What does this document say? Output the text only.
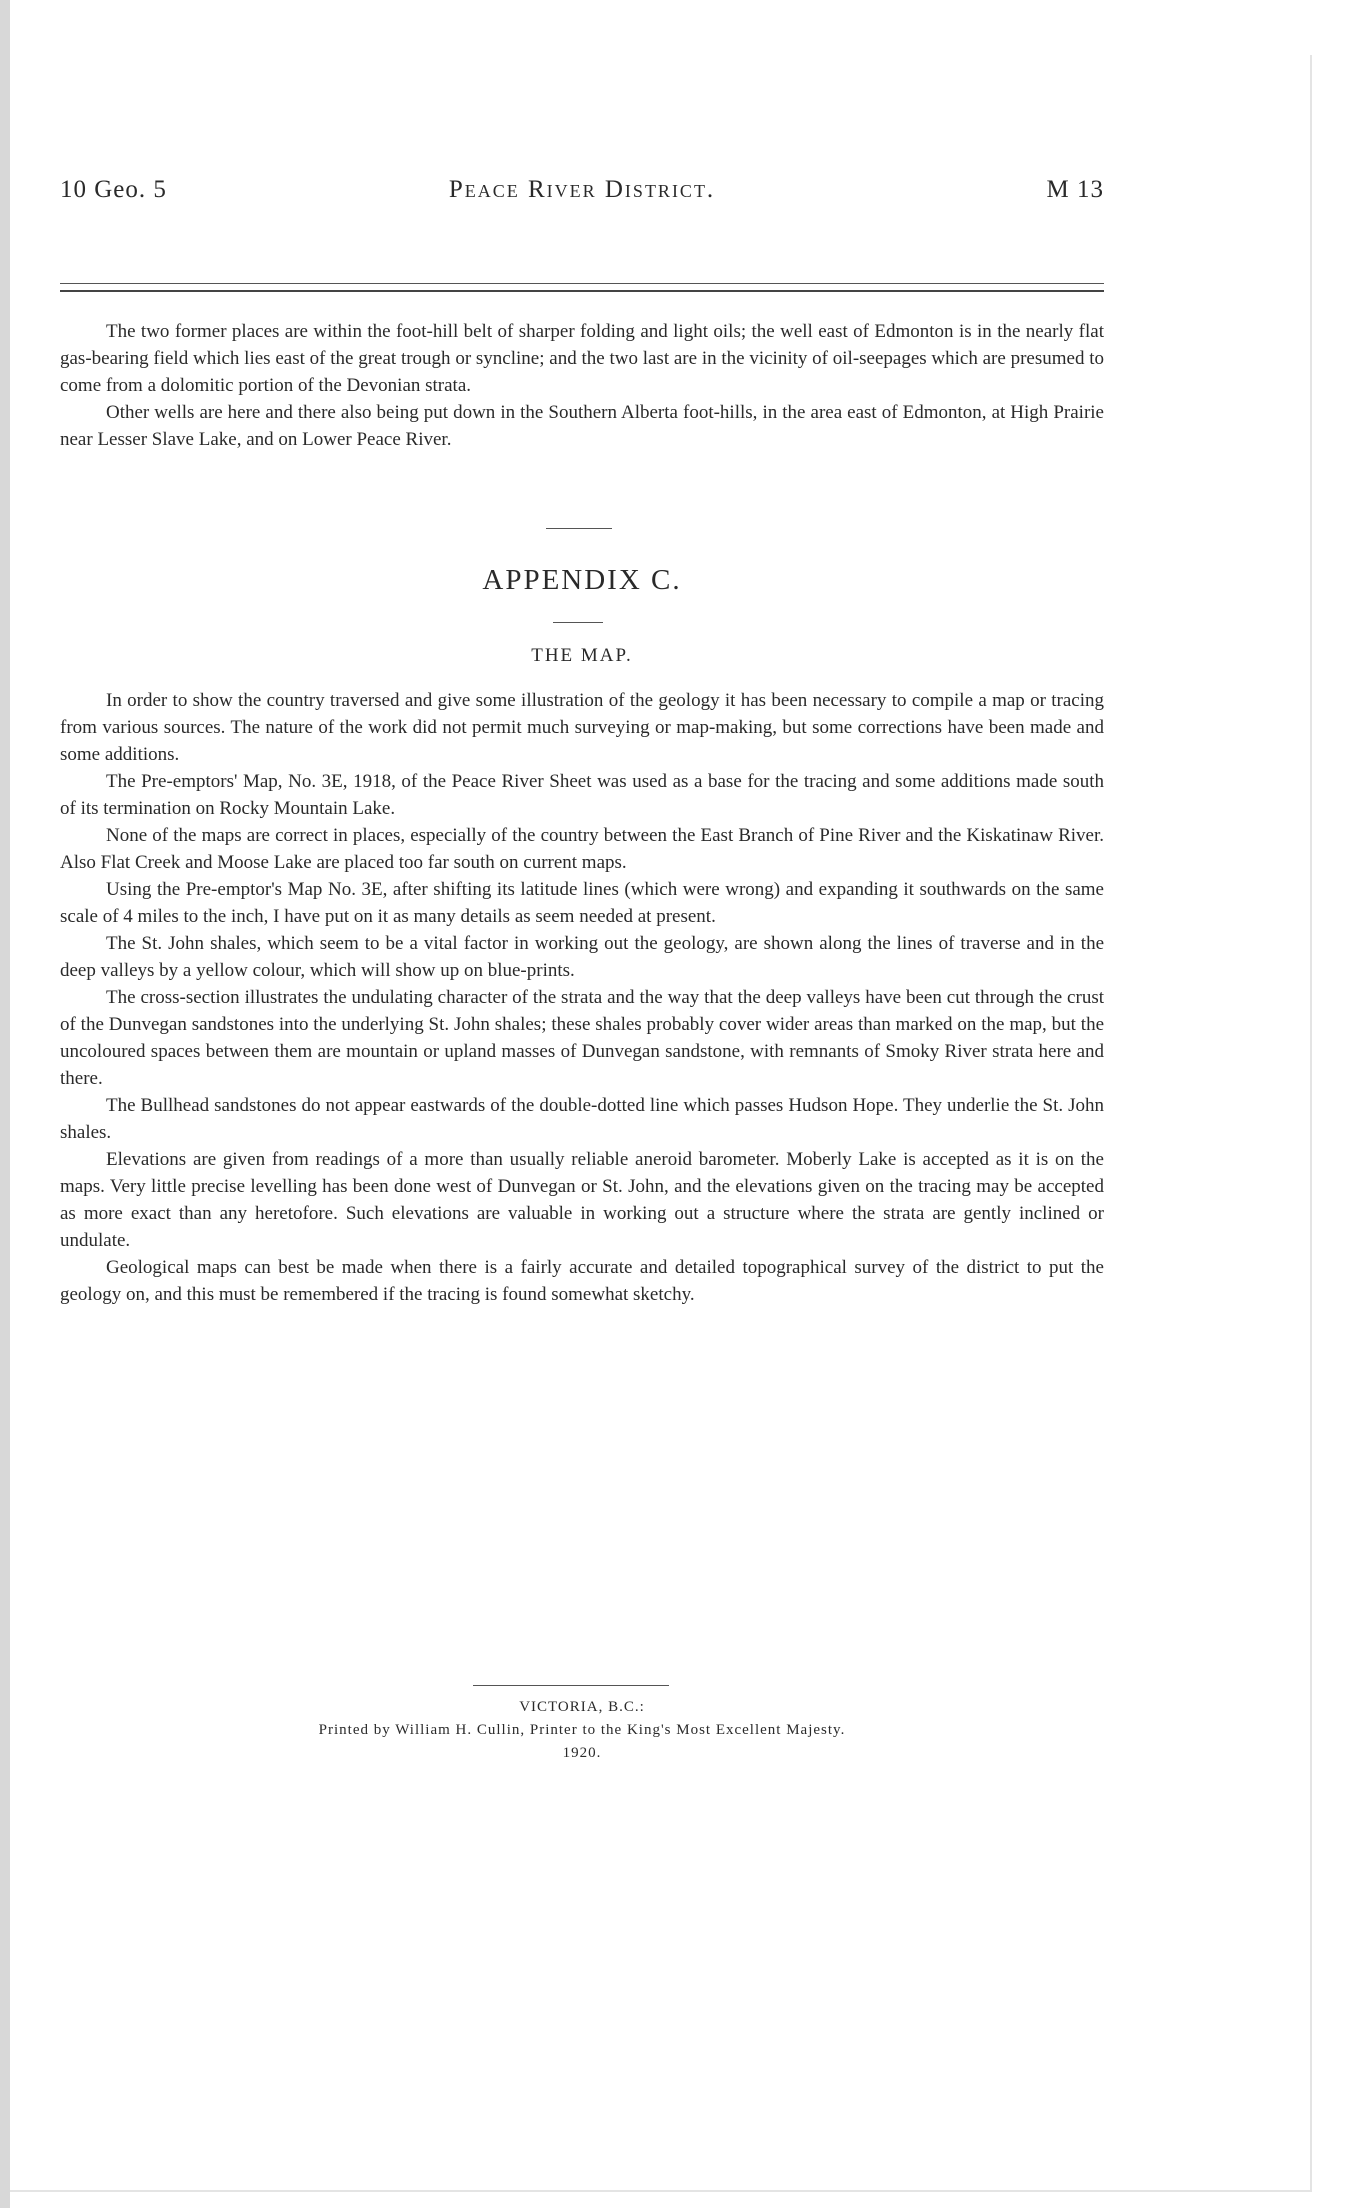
10 Geo. 5	Peace River District.	M 13

The two former places are within the foot-hill belt of sharper folding and light oils; the well east of Edmonton is in the nearly flat gas-bearing field which lies east of the great trough or syncline; and the two last are in the vicinity of oil-seepages which are presumed to come from a dolomitic portion of the Devonian strata.

Other wells are here and there also being put down in the Southern Alberta foot-hills, in the area east of Edmonton, at High Prairie near Lesser Slave Lake, and on Lower Peace River.

APPENDIX C.
THE MAP.

In order to show the country traversed and give some illustration of the geology it has been necessary to compile a map or tracing from various sources. The nature of the work did not permit much surveying or map-making, but some corrections have been made and some additions.

The Pre-emptors' Map, No. 3E, 1918, of the Peace River Sheet was used as a base for the tracing and some additions made south of its termination on Rocky Mountain Lake.

None of the maps are correct in places, especially of the country between the East Branch of Pine River and the Kiskatinaw River. Also Flat Creek and Moose Lake are placed too far south on current maps.

Using the Pre-emptor's Map No. 3E, after shifting its latitude lines (which were wrong) and expanding it southwards on the same scale of 4 miles to the inch, I have put on it as many details as seem needed at present.

The St. John shales, which seem to be a vital factor in working out the geology, are shown along the lines of traverse and in the deep valleys by a yellow colour, which will show up on blue-prints.

The cross-section illustrates the undulating character of the strata and the way that the deep valleys have been cut through the crust of the Dunvegan sandstones into the underlying St. John shales; these shales probably cover wider areas than marked on the map, but the uncoloured spaces between them are mountain or upland masses of Dunvegan sandstone, with remnants of Smoky River strata here and there.

The Bullhead sandstones do not appear eastwards of the double-dotted line which passes Hudson Hope. They underlie the St. John shales.

Elevations are given from readings of a more than usually reliable aneroid barometer. Moberly Lake is accepted as it is on the maps. Very little precise levelling has been done west of Dunvegan or St. John, and the elevations given on the tracing may be accepted as more exact than any heretofore. Such elevations are valuable in working out a structure where the strata are gently inclined or undulate.

Geological maps can best be made when there is a fairly accurate and detailed topographical survey of the district to put the geology on, and this must be remembered if the tracing is found somewhat sketchy.

VICTORIA, B.C.:
Printed by William H. Cullin, Printer to the King's Most Excellent Majesty.
1920.
